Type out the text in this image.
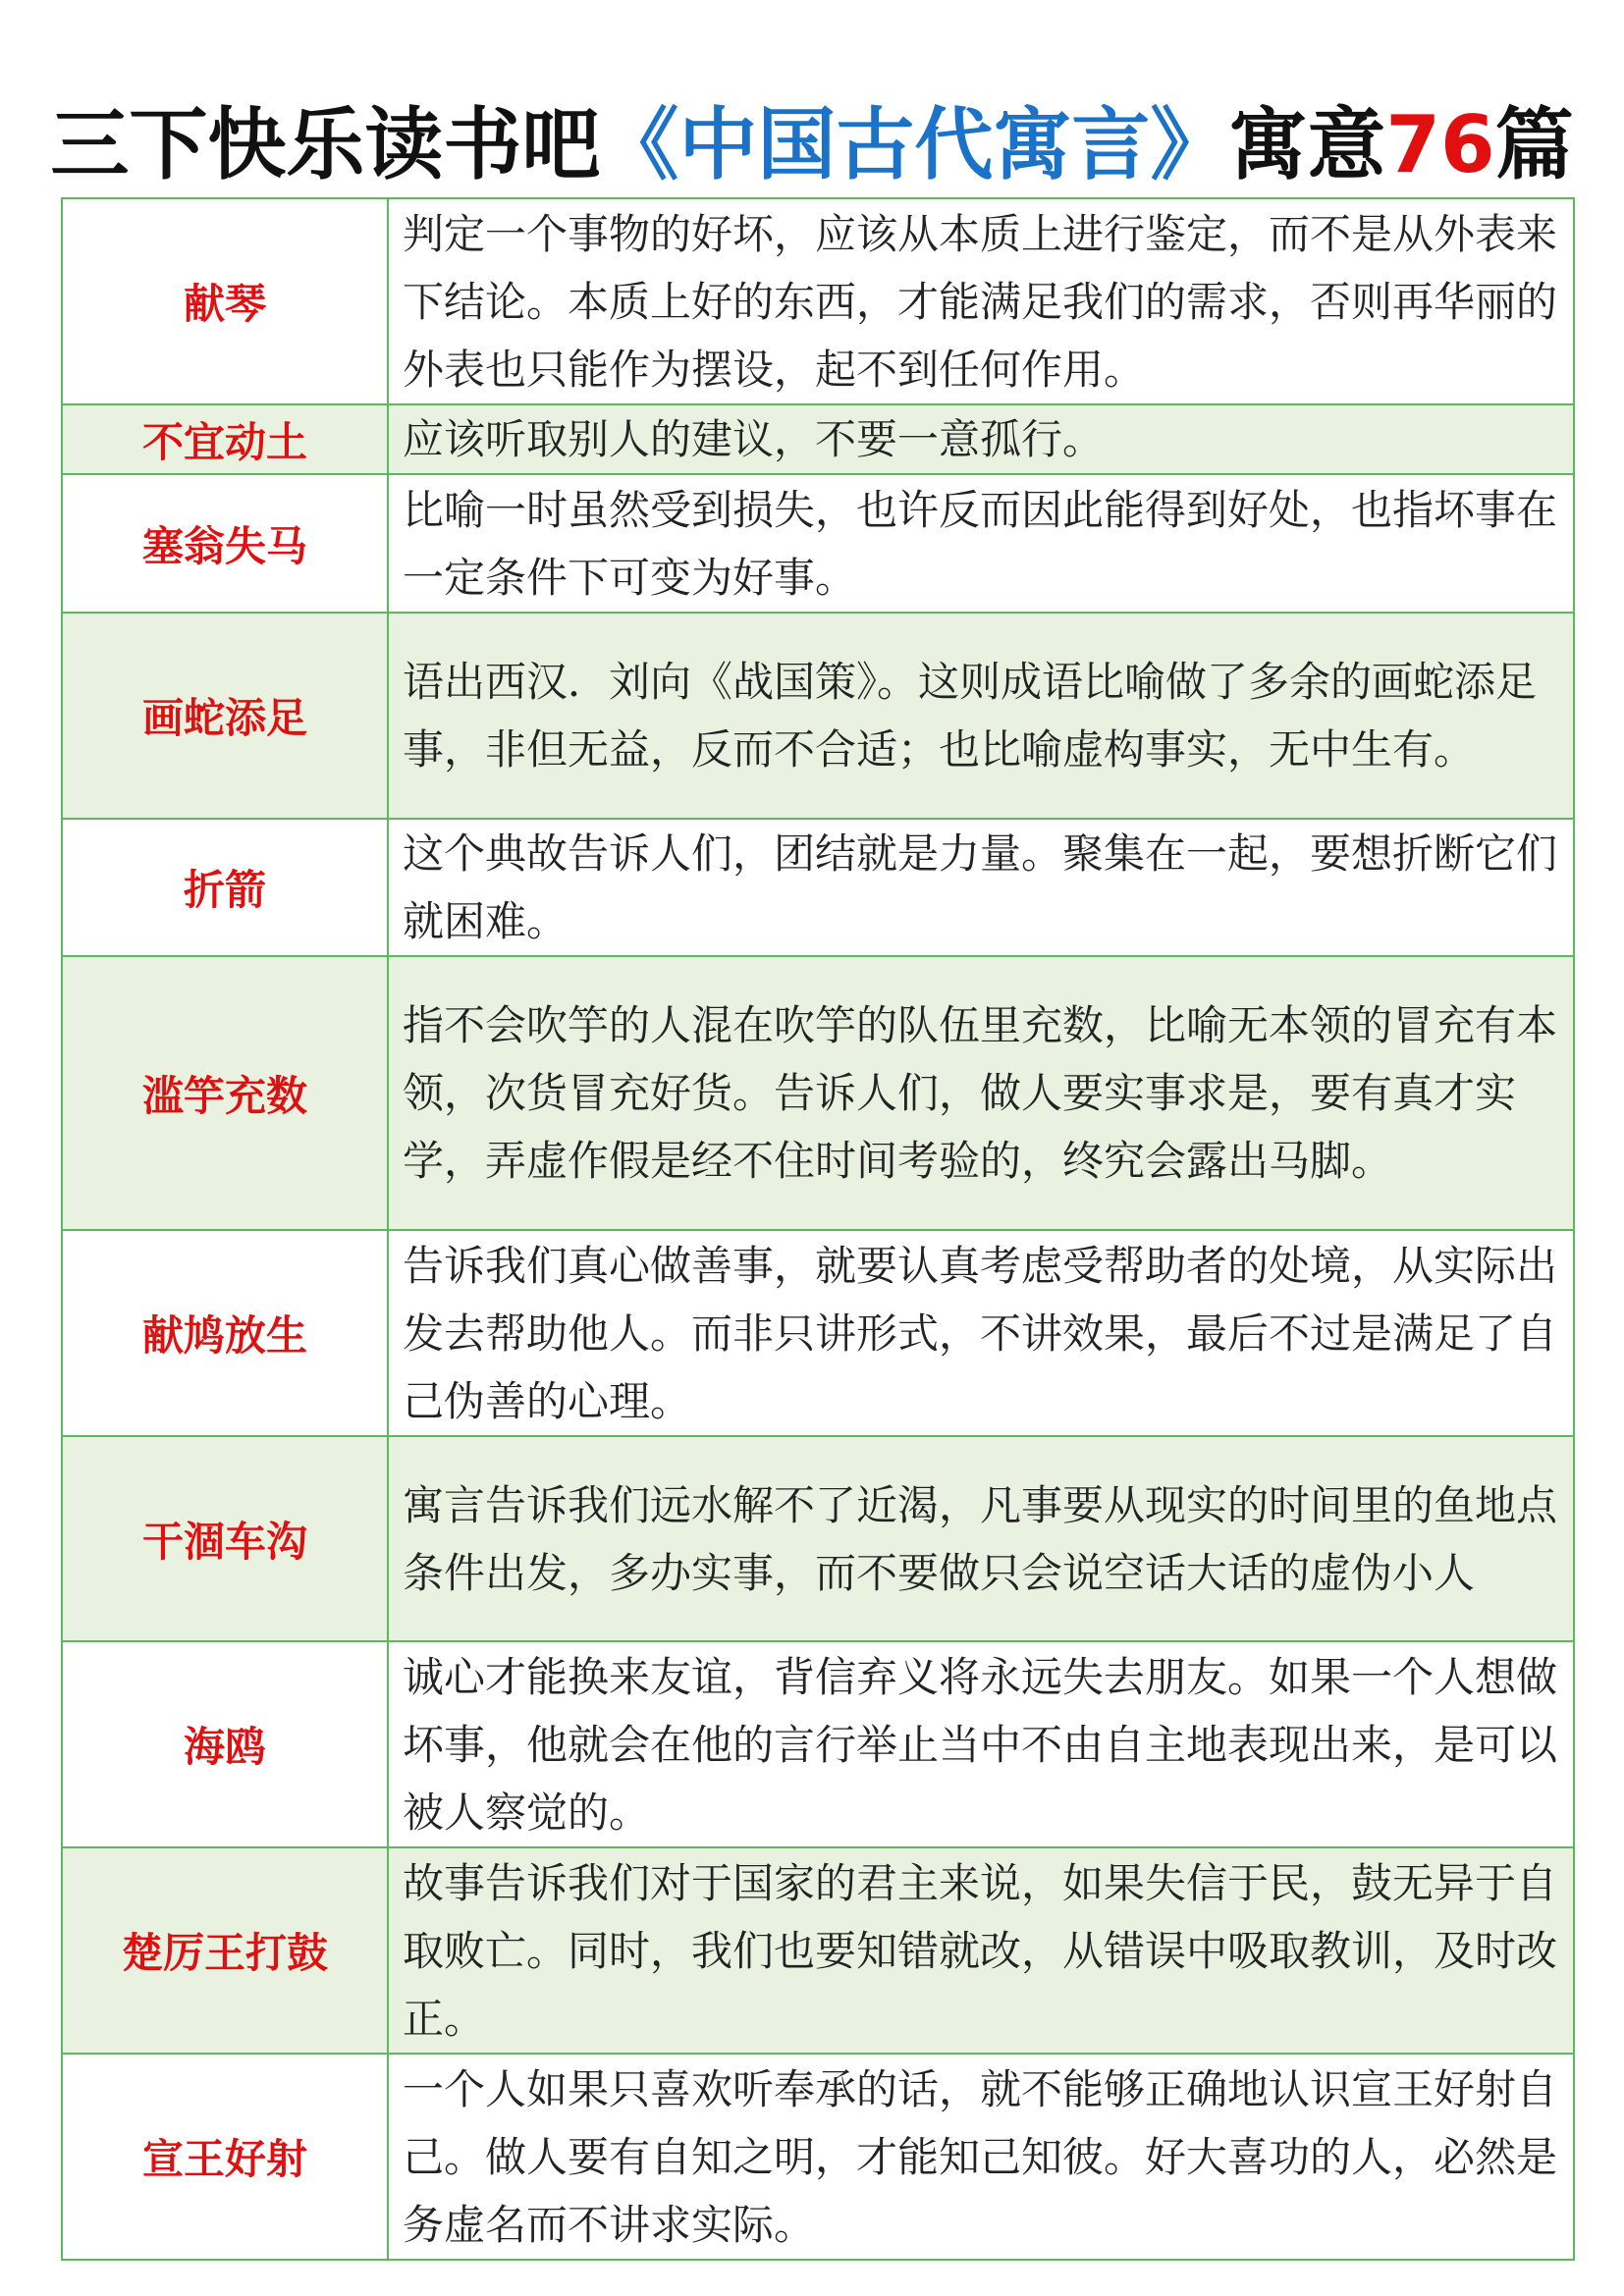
三下快乐读书吧《中国古代寓言》寓意76篇
献琴	判定一个事物的好坏，应该从本质上进行鉴定，而不是从外表来下结论。本质上好的东西，才能满足我们的需求，否则再华丽的外表也只能作为摆设，起不到任何作用。
不宜动土	应该听取别人的建议，不要一意孤行。
塞翁失马	比喻一时虽然受到损失，也许反而因此能得到好处，也指坏事在一定条件下可变为好事。
画蛇添足	语出西汉．刘向《战国策》。这则成语比喻做了多余的画蛇添足事，非但无益，反而不合适；也比喻虚构事实，无中生有。
折箭	这个典故告诉人们，团结就是力量。聚集在一起，要想折断它们就困难。
滥竽充数	指不会吹竽的人混在吹竽的队伍里充数，比喻无本领的冒充有本领，次货冒充好货。告诉人们，做人要实事求是，要有真才实学，弄虚作假是经不住时间考验的，终究会露出马脚。
献鸠放生	告诉我们真心做善事，就要认真考虑受帮助者的处境，从实际出发去帮助他人。而非只讲形式，不讲效果，最后不过是满足了自己伪善的心理。
干涸车沟	寓言告诉我们远水解不了近渴，凡事要从现实的时间里的鱼地点条件出发，多办实事，而不要做只会说空话大话的虚伪小人
海鸥	诚心才能换来友谊，背信弃义将永远失去朋友。如果一个人想做坏事，他就会在他的言行举止当中不由自主地表现出来，是可以被人察觉的。
楚厉王打鼓	故事告诉我们对于国家的君主来说，如果失信于民，鼓无异于自取败亡。同时，我们也要知错就改，从错误中吸取教训，及时改正。
宣王好射	一个人如果只喜欢听奉承的话，就不能够正确地认识宣王好射自己。做人要有自知之明，才能知己知彼。好大喜功的人，必然是务虚名而不讲求实际。
